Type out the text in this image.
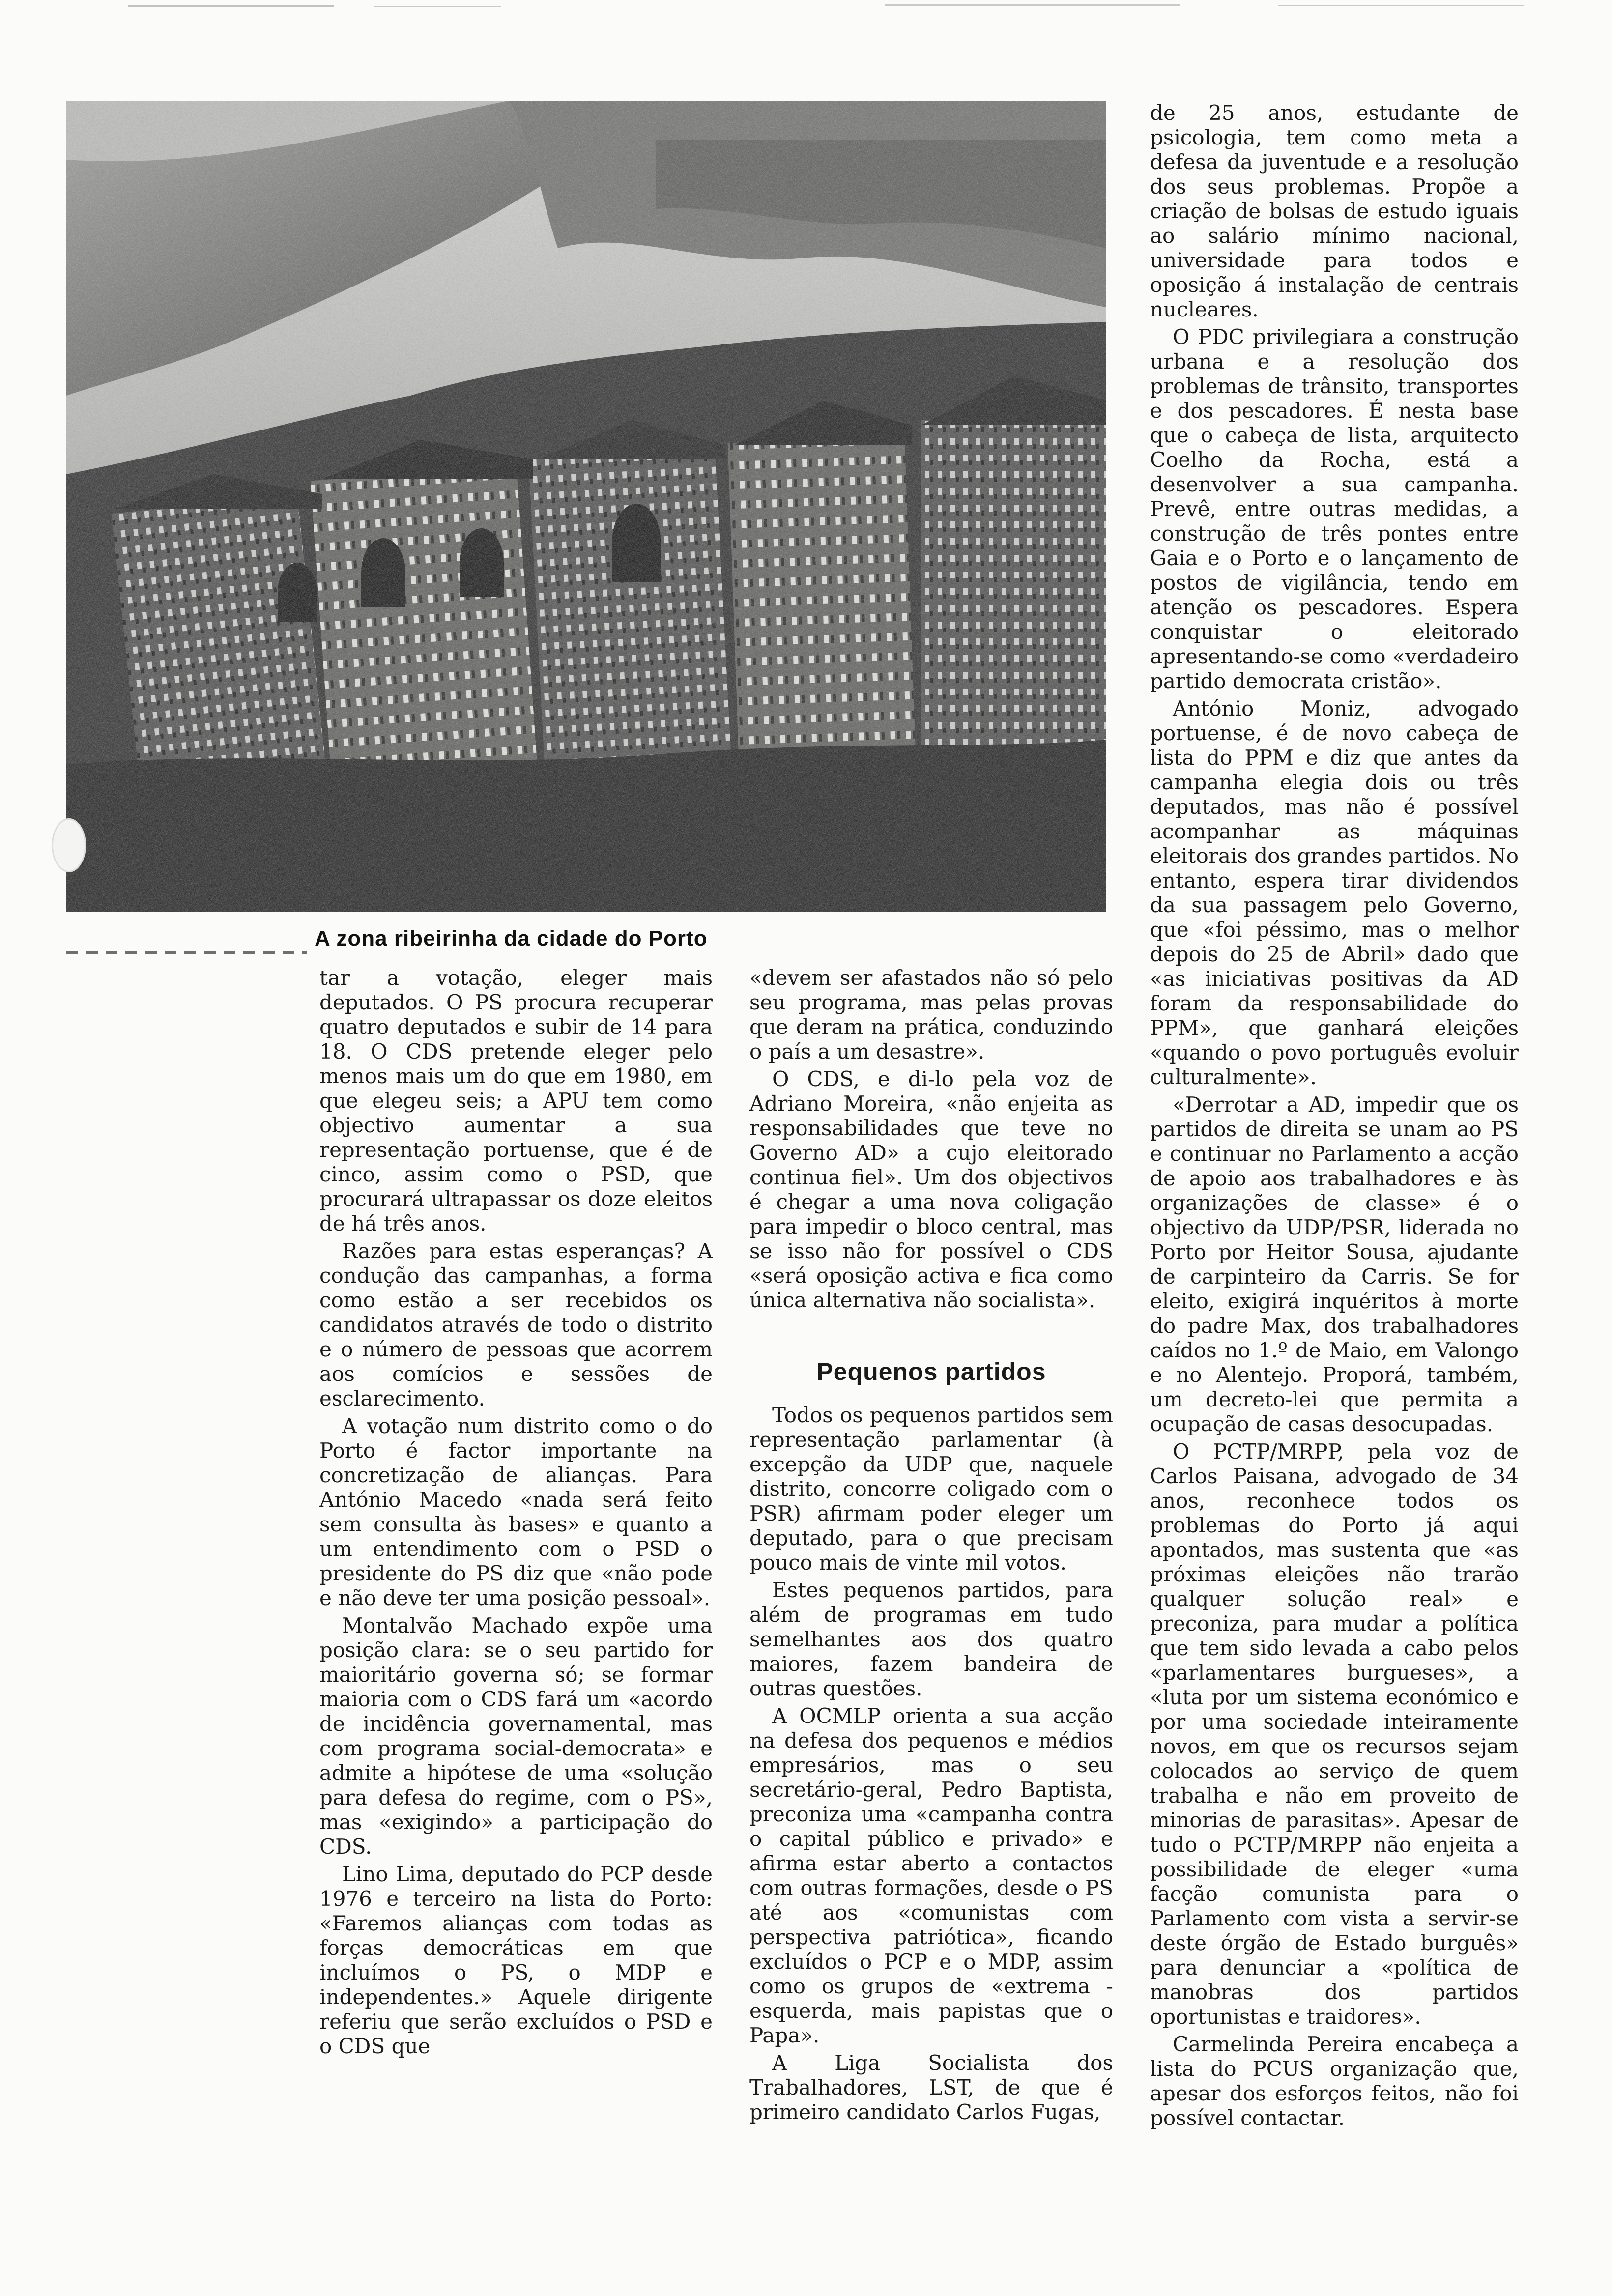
A zona ribeirinha da cidade do Porto

tar a votação, eleger mais deputados. O PS procura recuperar quatro deputados e subir de 14 para 18. O CDS pretende eleger pelo menos mais um do que em 1980, em que elegeu seis; a APU tem como objectivo aumentar a sua representação portuense, que é de cinco, assim como o PSD, que procurará ultrapassar os doze eleitos de há três anos.

Razões para estas esperanças? A condução das campanhas, a forma como estão a ser recebidos os candidatos através de todo o distrito e o número de pessoas que acorrem aos comícios e sessões de esclarecimento.

A votação num distrito como o do Porto é factor importante na concretização de alianças. Para António Macedo «nada será feito sem consulta às bases» e quanto a um entendimento com o PSD o presidente do PS diz que «não pode e não deve ter uma posição pessoal».

Montalvão Machado expõe uma posição clara: se o seu partido for maioritário governa só; se formar maioria com o CDS fará um «acordo de incidência governamental, mas com programa social-democrata» e admite a hipótese de uma «solução para defesa do regime, com o PS», mas «exigindo» a participação do CDS.

Lino Lima, deputado do PCP desde 1976 e terceiro na lista do Porto: «Faremos alianças com todas as forças democráticas em que incluímos o PS, o MDP e independentes.» Aquele dirigente referiu que serão excluídos o PSD e o CDS que

«devem ser afastados não só pelo seu programa, mas pelas provas que deram na prática, conduzindo o país a um desastre».

O CDS, e di-lo pela voz de Adriano Moreira, «não enjeita as responsabilidades que teve no Governo AD» a cujo eleitorado continua fiel». Um dos objectivos é chegar a uma nova coligação para impedir o bloco central, mas se isso não for possível o CDS «será oposição activa e fica como única alternativa não socialista».

Pequenos partidos

Todos os pequenos partidos sem representação parlamentar (à excepção da UDP que, naquele distrito, concorre coligado com o PSR) afirmam poder eleger um deputado, para o que precisam pouco mais de vinte mil votos.

Estes pequenos partidos, para além de programas em tudo semelhantes aos dos quatro maiores, fazem bandeira de outras questões.

A OCMLP orienta a sua acção na defesa dos pequenos e médios empresários, mas o seu secretário-geral, Pedro Baptista, preconiza uma «campanha contra o capital público e privado» e afirma estar aberto a contactos com outras formações, desde o PS até aos «comunistas com perspectiva patriótica», ficando excluídos o PCP e o MDP, assim como os grupos de «extrema - esquerda, mais papistas que o Papa».

A Liga Socialista dos Trabalhadores, LST, de que é primeiro candidato Carlos Fugas,

de 25 anos, estudante de psicologia, tem como meta a defesa da juventude e a resolução dos seus problemas. Propõe a criação de bolsas de estudo iguais ao salário mínimo nacional, universidade para todos e oposição á instalação de centrais nucleares.

O PDC privilegiara a construção urbana e a resolução dos problemas de trânsito, transportes e dos pescadores. É nesta base que o cabeça de lista, arquitecto Coelho da Rocha, está a desenvolver a sua campanha. Prevê, entre outras medidas, a construção de três pontes entre Gaia e o Porto e o lançamento de postos de vigilância, tendo em atenção os pescadores. Espera conquistar o eleitorado apresentando-se como «verdadeiro partido democrata cristão».

António Moniz, advogado portuense, é de novo cabeça de lista do PPM e diz que antes da campanha elegia dois ou três deputados, mas não é possível acompanhar as máquinas eleitorais dos grandes partidos. No entanto, espera tirar dividendos da sua passagem pelo Governo, que «foi péssimo, mas o melhor depois do 25 de Abril» dado que «as iniciativas positivas da AD foram da responsabilidade do PPM», que ganhará eleições «quando o povo português evoluir culturalmente».

«Derrotar a AD, impedir que os partidos de direita se unam ao PS e continuar no Parlamento a acção de apoio aos trabalhadores e às organizações de classe» é o objectivo da UDP/PSR, liderada no Porto por Heitor Sousa, ajudante de carpinteiro da Carris. Se for eleito, exigirá inquéritos à morte do padre Max, dos trabalhadores caídos no 1.º de Maio, em Valongo e no Alentejo. Proporá, também, um decreto-lei que permita a ocupação de casas desocupadas.

O PCTP/MRPP, pela voz de Carlos Paisana, advogado de 34 anos, reconhece todos os problemas do Porto já aqui apontados, mas sustenta que «as próximas eleições não trarão qualquer solução real» e preconiza, para mudar a política que tem sido levada a cabo pelos «parlamentares burgueses», a «luta por um sistema económico e por uma sociedade inteiramente novos, em que os recursos sejam colocados ao serviço de quem trabalha e não em proveito de minorias de parasitas». Apesar de tudo o PCTP/MRPP não enjeita a possibilidade de eleger «uma facção comunista para o Parlamento com vista a servir-se deste órgão de Estado burguês» para denunciar a «política de manobras dos partidos oportunistas e traidores».

Carmelinda Pereira encabeça a lista do PCUS organização que, apesar dos esforços feitos, não foi possível contactar.
